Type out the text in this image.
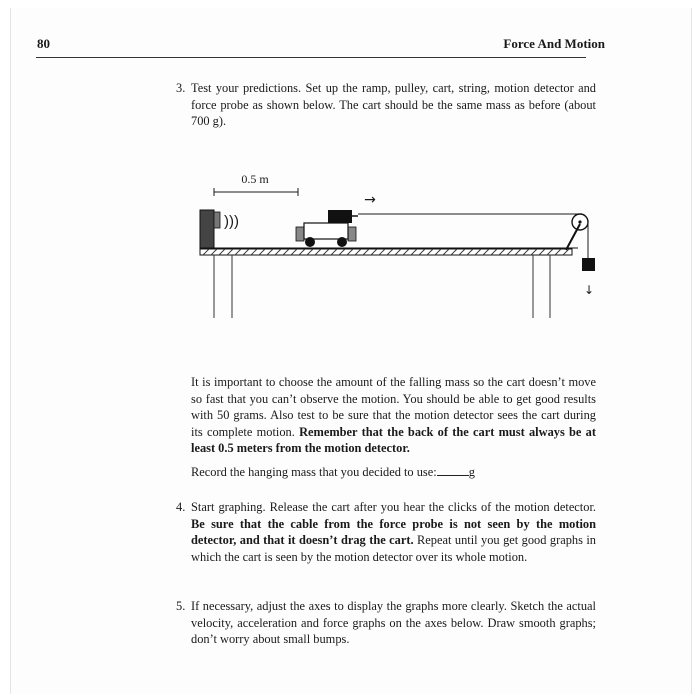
80	Force And Motion
3. Test your predictions. Set up the ramp, pulley, cart, string, motion detector and force probe as shown below. The cart should be the same mass as before (about 700 g).
0.5 m
)))
→
↓
It is important to choose the amount of the falling mass so the cart doesn’t move so fast that you can’t observe the motion. You should be able to get good results with 50 grams. Also test to be sure that the motion detector sees the cart during its complete motion. Remember that the back of the cart must always be at least 0.5 meters from the motion detector.
Record the hanging mass that you decided to use:	g
4. Start graphing. Release the cart after you hear the clicks of the motion detector. Be sure that the cable from the force probe is not seen by the motion detector, and that it doesn’t drag the cart. Repeat until you get good graphs in which the cart is seen by the motion detector over its whole motion.
5. If necessary, adjust the axes to display the graphs more clearly. Sketch the actual velocity, acceleration and force graphs on the axes below. Draw smooth graphs; don’t worry about small bumps.
